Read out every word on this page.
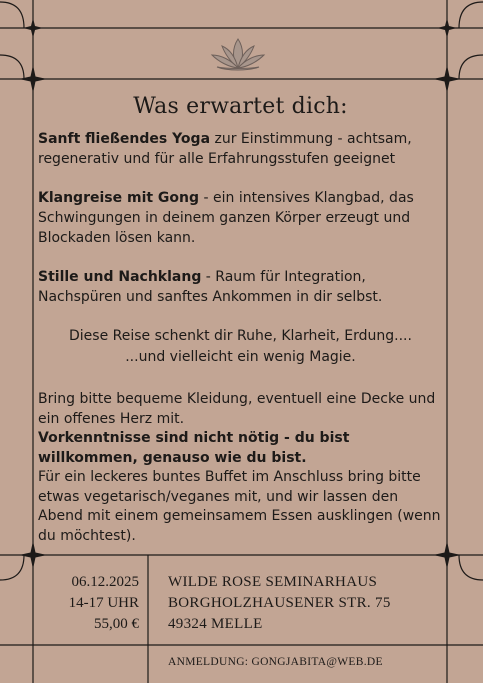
Was erwartet dich:

Sanft fließendes Yoga zur Einstimmung - achtsam, regenerativ und für alle Erfahrungsstufen geeignet

Klangreise mit Gong - ein intensives Klangbad, das Schwingungen in deinem ganzen Körper erzeugt und Blockaden lösen kann.

Stille und Nachklang - Raum für Integration, Nachspüren und sanftes Ankommen in dir selbst.

Diese Reise schenkt dir Ruhe, Klarheit, Erdung....
...und vielleicht ein wenig Magie.
Bring bitte bequeme Kleidung, eventuell eine Decke und ein offenes Herz mit.
Vorkenntnisse sind nicht nötig - du bist willkommen, genauso wie du bist.
Für ein leckeres buntes Buffet im Anschluss bring bitte etwas vegetarisch/veganes mit, und wir lassen den Abend mit einem gemeinsamem Essen ausklingen (wenn du möchtest).
06.12.2025
14-17 UHR
55,00 €
WILDE ROSE SEMINARHAUS
BORGHOLZHAUSENER STR. 75
49324 MELLE
ANMELDUNG: GONGJABITA@WEB.DE
